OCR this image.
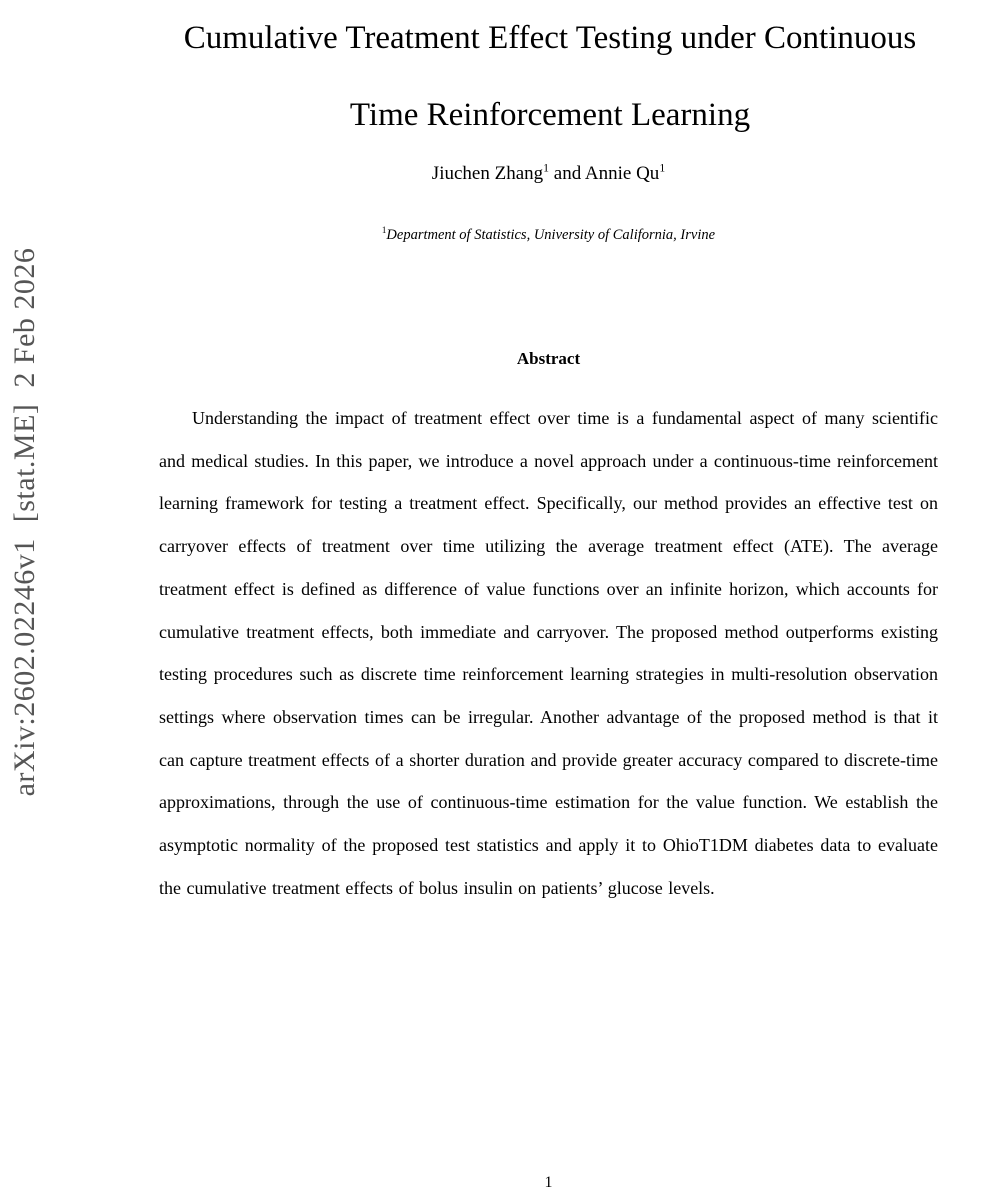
arXiv:2602.02246v1  [stat.ME]  2 Feb 2026
Cumulative Treatment Effect Testing under Continuous
Time Reinforcement Learning
Jiuchen Zhang$^1$ and Annie Qu$^1$
$^1$Department of Statistics, University of California, Irvine
Abstract
Understanding the impact of treatment effect over time is a fundamental aspect of many scientific and medical studies. In this paper, we introduce a novel approach under a continuous-time reinforcement learning framework for testing a treatment effect. Specifically, our method provides an effective test on carryover effects of treatment over time utilizing the average treatment effect (ATE). The average treatment effect is defined as difference of value functions over an infinite horizon, which accounts for cumulative treatment effects, both immediate and carryover. The proposed method outperforms existing testing procedures such as discrete time reinforcement learning strategies in multi-resolution observation settings where observation times can be irregular. Another advantage of the proposed method is that it can capture treatment effects of a shorter duration and provide greater accuracy compared to discrete-time approximations, through the use of continuous-time estimation for the value function. We establish the asymptotic normality of the proposed test statistics and apply it to OhioT1DM diabetes data to evaluate the cumulative treatment effects of bolus insulin on patients’ glucose levels.
1
